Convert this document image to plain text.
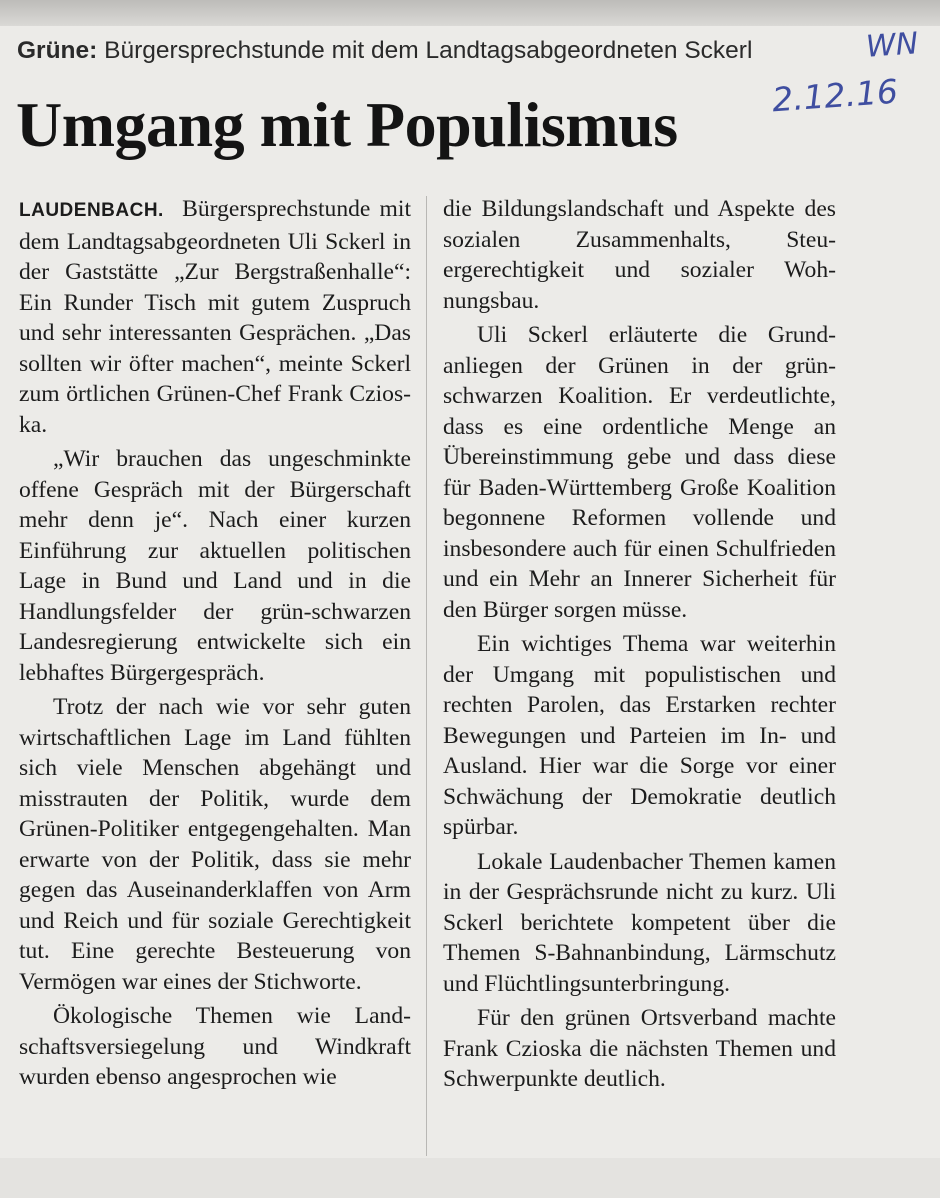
Grüne: Bürgersprechstunde mit dem Landtagsabgeordneten Sckerl
Umgang mit Populismus
WN
2.12.16

LAUDENBACH. Bürgersprechstunde mit dem Landtagsabgeordneten Uli Sckerl in der Gaststätte „Zur Bergstraßenhalle“: Ein Runder Tisch mit gutem Zuspruch und sehr interessanten Gesprächen. „Das sollten wir öfter machen“, meinte Sckerl zum örtlichen Grünen-Chef Frank Czioska.

„Wir brauchen das ungeschminkte offene Gespräch mit der Bürgerschaft mehr denn je“. Nach einer kurzen Einführung zur aktuellen politischen Lage in Bund und Land und in die Handlungsfelder der grün-schwarzen Landesregierung entwickelte sich ein lebhaftes Bürgergespräch.

Trotz der nach wie vor sehr guten wirtschaftlichen Lage im Land fühlten sich viele Menschen abgehängt und misstrauten der Politik, wurde dem Grünen-Politiker entgegengehalten. Man erwarte von der Politik, dass sie mehr gegen das Auseinanderklaffen von Arm und Reich und für soziale Gerechtigkeit tut. Eine gerechte Besteuerung von Vermögen war eines der Stichworte.

Ökologische Themen wie Landschaftsversiegelung und Windkraft wurden ebenso angesprochen wie

die Bildungslandschaft und Aspekte des sozialen Zusammenhalts, Steuergerechtigkeit und sozialer Wohnungsbau.

Uli Sckerl erläuterte die Grundanliegen der Grünen in der grünschwarzen Koalition. Er verdeutlichte, dass es eine ordentliche Menge an Übereinstimmung gebe und dass diese für Baden-Württemberg Große Koalition begonnene Reformen vollende und insbesondere auch für einen Schulfrieden und ein Mehr an Innerer Sicherheit für den Bürger sorgen müsse.

Ein wichtiges Thema war weiterhin der Umgang mit populistischen und rechten Parolen, das Erstarken rechter Bewegungen und Parteien im In- und Ausland. Hier war die Sorge vor einer Schwächung der Demokratie deutlich spürbar.

Lokale Laudenbacher Themen kamen in der Gesprächsrunde nicht zu kurz. Uli Sckerl berichtete kompetent über die Themen S-Bahnanbindung, Lärmschutz und Flüchtlingsunterbringung.

Für den grünen Ortsverband machte Frank Czioska die nächsten Themen und Schwerpunkte deutlich.
